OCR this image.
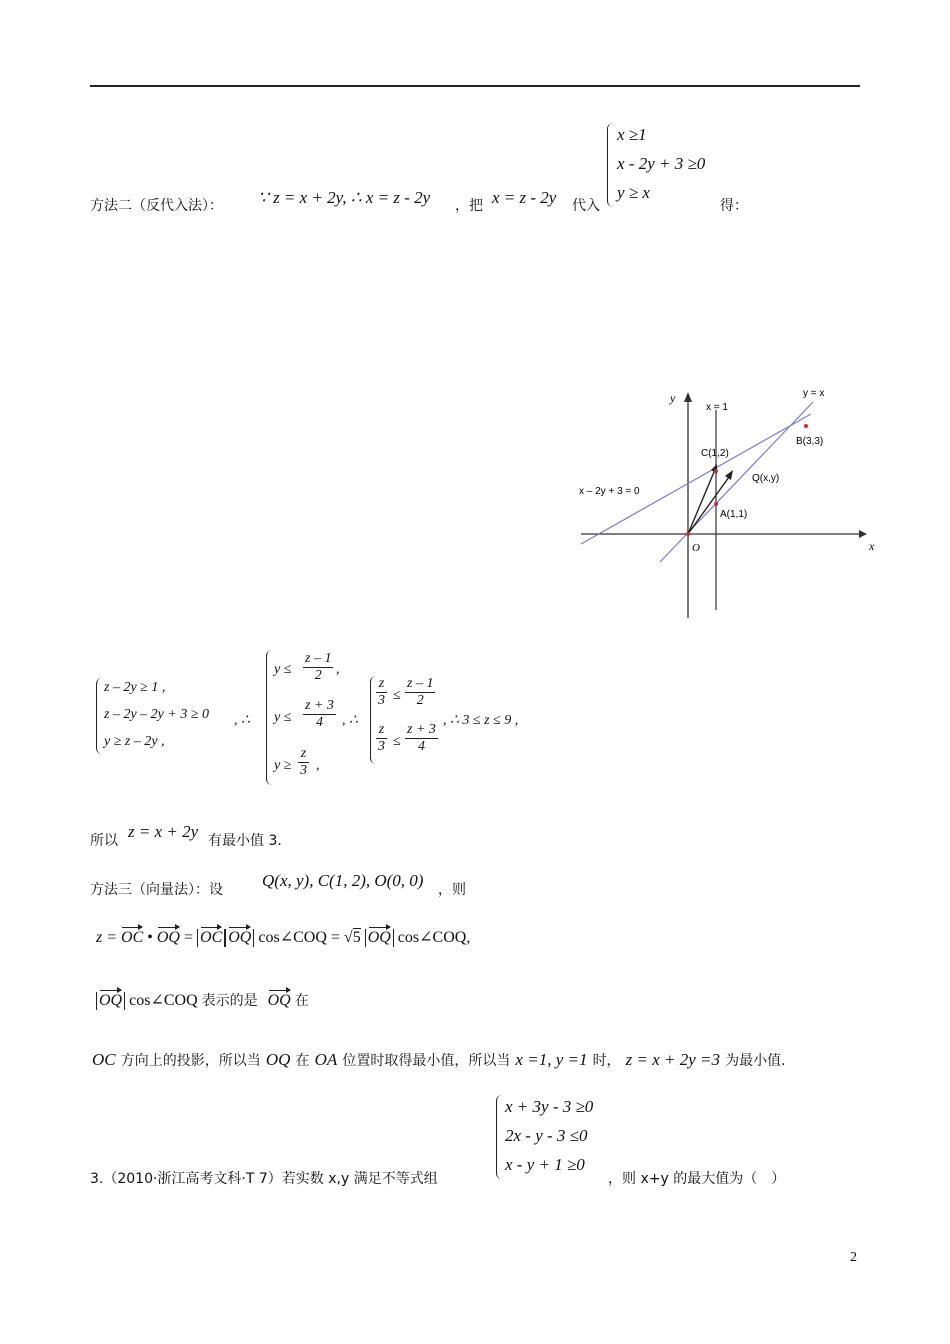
方法二（反代入法）： ∵ z = x + 2y, ∴ x = z - 2y ，把 x = z - 2y 代入
x ≥1
x - 2y + 3 ≥0
y ≥ x
得：
y
x
O
x = 1
y = x
x – 2y + 3 = 0
C(1,2)
B(3,3)
A(1,1)
Q(x,y)
z – 2y ≥ 1 ,
z – 2y – 2y + 3 ≥ 0
y ≥ z – 2y ,
, ∴
$y \le \frac{z - 1}{2}$ ,
$y \le \frac{z + 3}{4}$
$y \ge \frac{z}{3}$ ,
, ∴
$\frac{z}{3} \le \frac{z - 1}{2}$
$\frac{z}{3} \le \frac{z + 3}{4}$
, ∴ 3 ≤ z ≤ 9 ,
所以 z = x + 2y 有最小值 3.
方法三（向量法）：设 Q(x, y), C(1, 2), O(0, 0) ，则
z = OC • OQ = OC OQ cos∠COQ = √5 OQ cos∠COQ,
OQ cos∠COQ 表示的是 OQ 在
OC 方向上的投影，所以当 OQ 在 OA 位置时取得最小值，所以当 x =1, y =1 时， z = x + 2y =3 为最小值.
3.（2010·浙江高考文科·T 7）若实数 x,y 满足不等式组
x + 3y - 3 ≥0
2x - y - 3 ≤0
x - y + 1 ≥0
，则 x+y 的最大值为（　）
2
